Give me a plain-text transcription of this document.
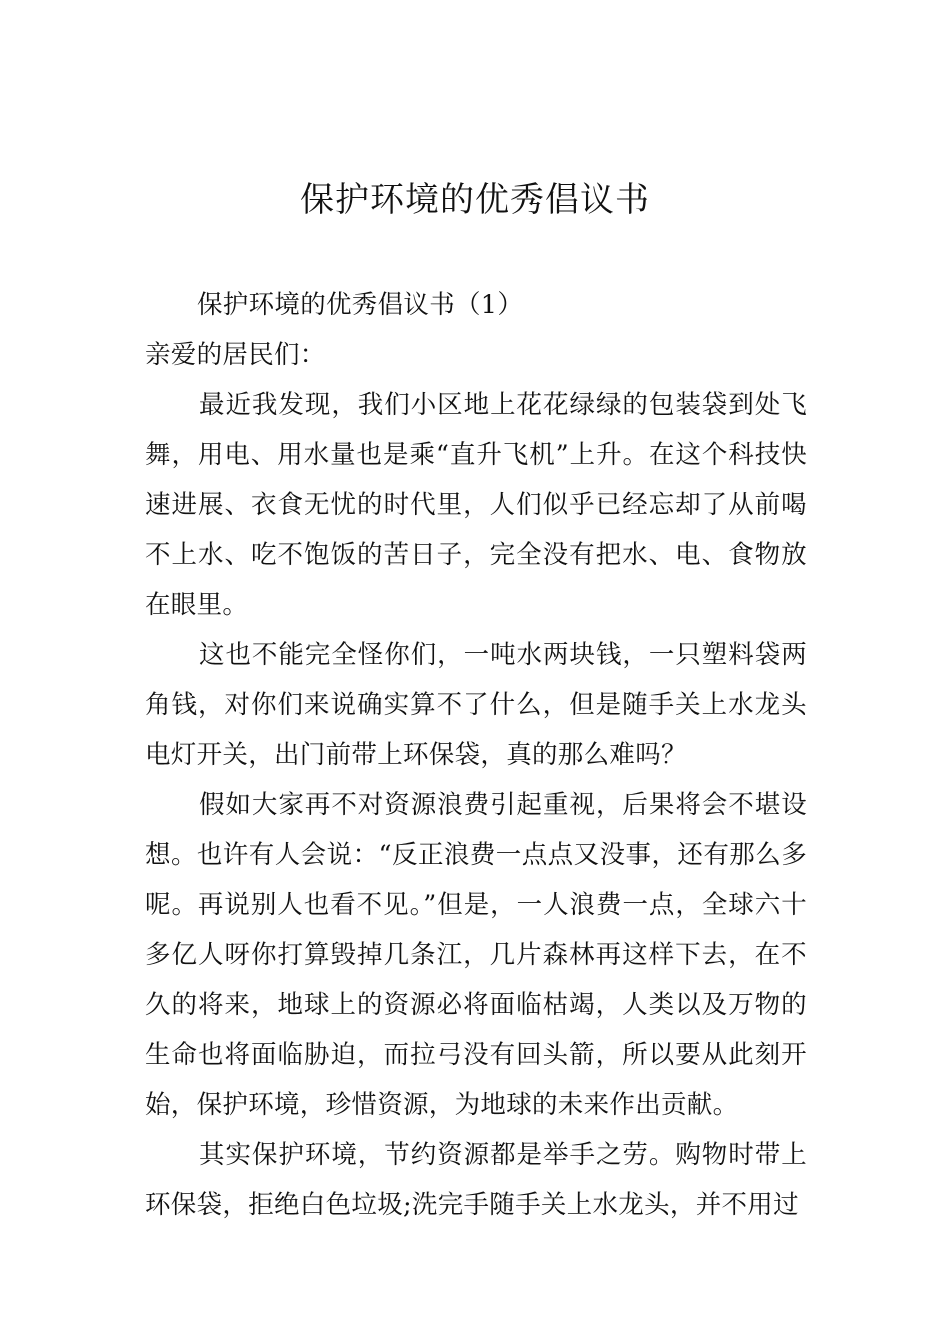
保护环境的优秀倡议书

保护环境的优秀倡议书（1）

亲爱的居民们：

最近我发现，我们小区地上花花绿绿的包装袋到处飞舞，用电、用水量也是乘“直升飞机”上升。在这个科技快速进展、衣食无忧的时代里，人们似乎已经忘却了从前喝不上水、吃不饱饭的苦日子，完全没有把水、电、食物放在眼里。

这也不能完全怪你们，一吨水两块钱，一只塑料袋两角钱，对你们来说确实算不了什么，但是随手关上水龙头电灯开关，出门前带上环保袋，真的那么难吗？

假如大家再不对资源浪费引起重视，后果将会不堪设想。也许有人会说：“反正浪费一点点又没事，还有那么多呢。再说别人也看不见。”但是，一人浪费一点，全球六十多亿人呀你打算毁掉几条江，几片森林再这样下去，在不久的将来，地球上的资源必将面临枯竭，人类以及万物的生命也将面临胁迫，而拉弓没有回头箭，所以要从此刻开始，保护环境，珍惜资源，为地球的未来作出贡献。

其实保护环境，节约资源都是举手之劳。购物时带上环保袋，拒绝白色垃圾;洗完手随手关上水龙头，并不用过
